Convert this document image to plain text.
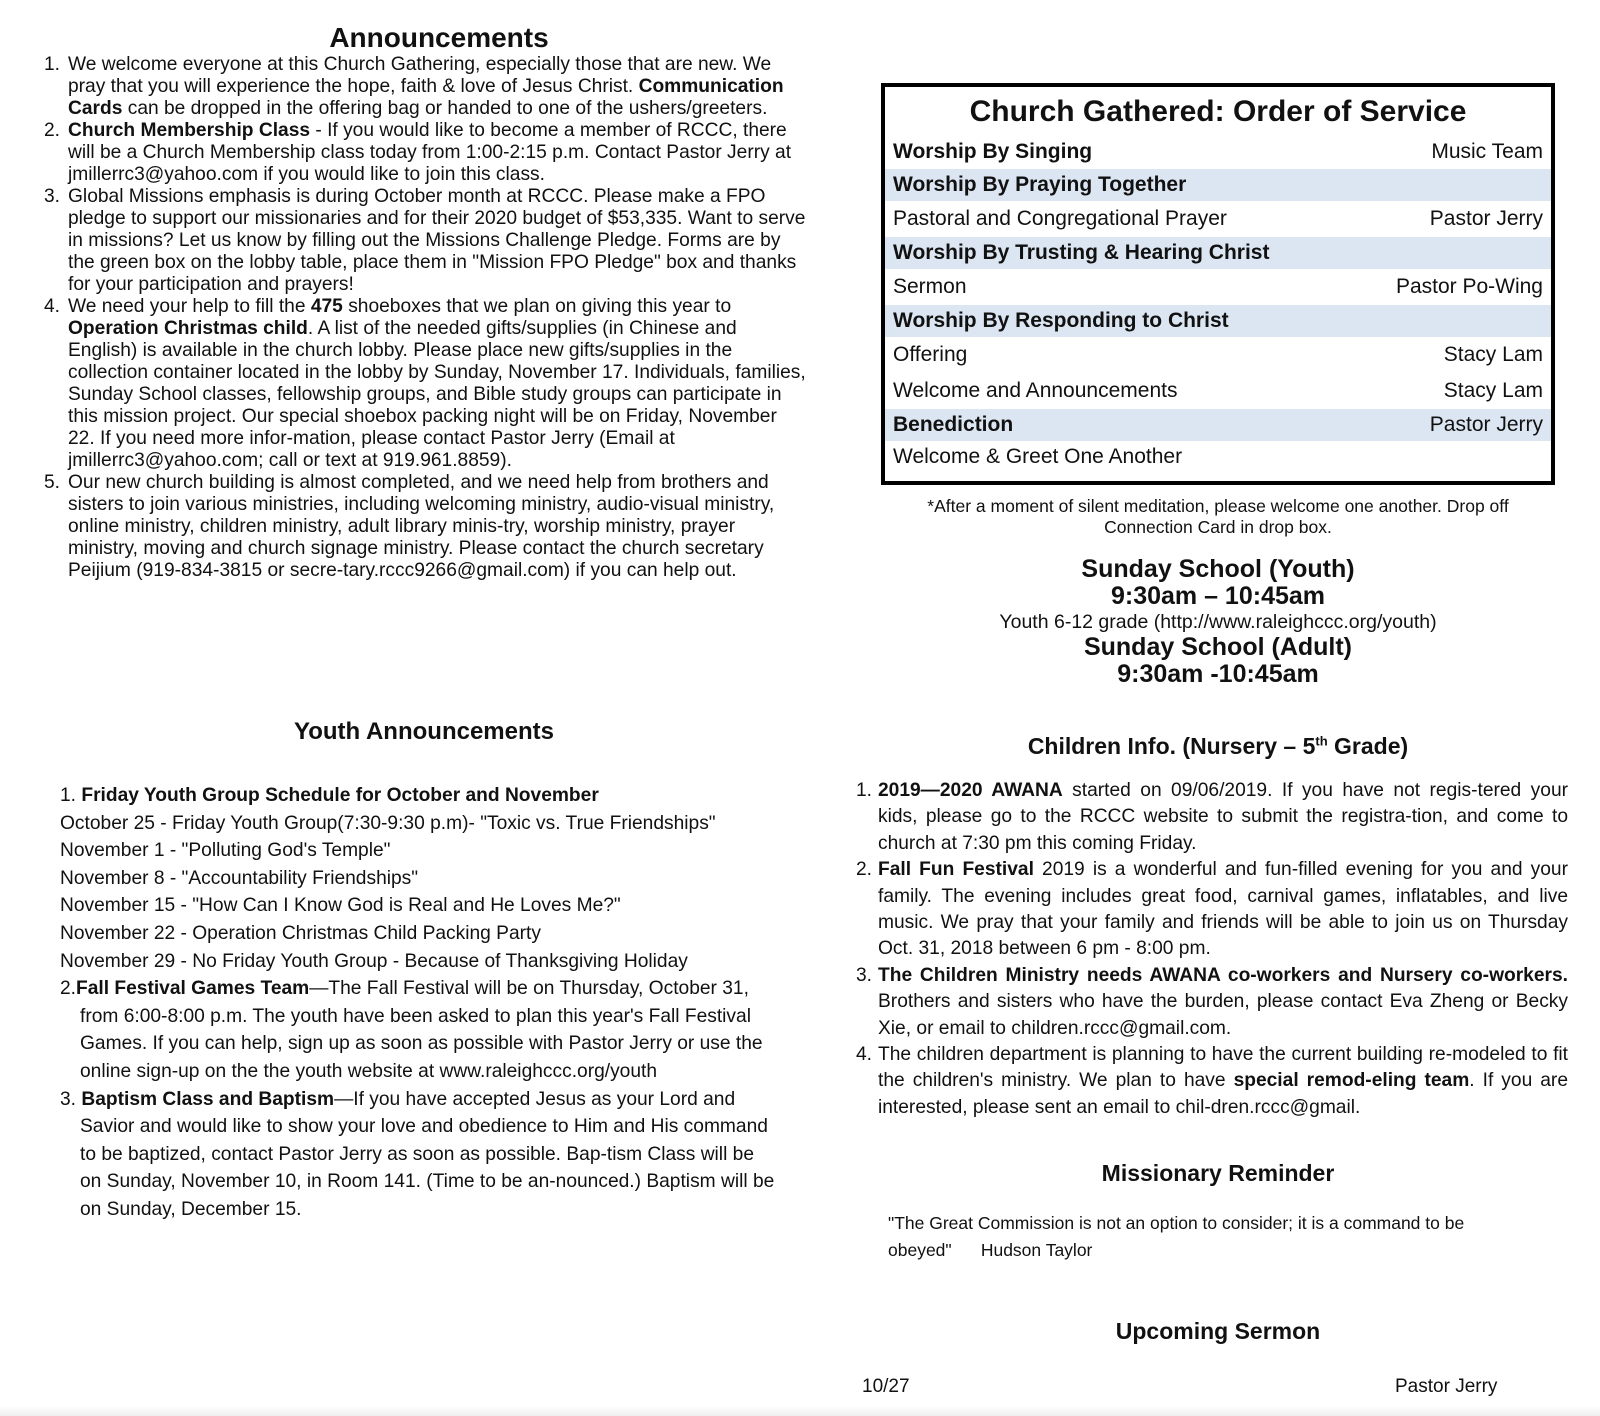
Announcements
1. We welcome everyone at this Church Gathering, especially those that are new. We pray that you will experience the hope, faith & love of Jesus Christ. Communication Cards can be dropped in the offering bag or handed to one of the ushers/greeters.
2. Church Membership Class - If you would like to become a member of RCCC, there will be a Church Membership class today from 1:00-2:15 p.m. Contact Pastor Jerry at jmillerrc3@yahoo.com if you would like to join this class.
3. Global Missions emphasis is during October month at RCCC. Please make a FPO pledge to support our missionaries and for their 2020 budget of $53,335. Want to serve in missions? Let us know by filling out the Missions Challenge Pledge. Forms are by the green box on the lobby table, place them in "Mission FPO Pledge" box and thanks for your participation and prayers!
4. We need your help to fill the 475 shoeboxes that we plan on giving this year to Operation Christmas child. A list of the needed gifts/supplies (in Chinese and English) is available in the church lobby. Please place new gifts/supplies in the collection container located in the lobby by Sunday, November 17. Individuals, families, Sunday School classes, fellowship groups, and Bible study groups can participate in this mission project. Our special shoebox packing night will be on Friday, November 22. If you need more infor-mation, please contact Pastor Jerry (Email at jmillerrc3@yahoo.com; call or text at 919.961.8859).
5. Our new church building is almost completed, and we need help from brothers and sisters to join various ministries, including welcoming ministry, audio-visual ministry, online ministry, children ministry, adult library minis-try, worship ministry, prayer ministry, moving and church signage ministry. Please contact the church secretary Peijium (919-834-3815 or secre-tary.rccc9266@gmail.com) if you can help out.
Youth Announcements

1. Friday Youth Group Schedule for October and November

October 25 - Friday Youth Group(7:30-9:30 p.m)- "Toxic vs. True Friendships"

November 1 - "Polluting God's Temple"

November 8 - "Accountability Friendships"

November 15 - "How Can I Know God is Real and He Loves Me?"

November 22 - Operation Christmas Child Packing Party

November 29 - No Friday Youth Group - Because of Thanksgiving Holiday

2.Fall Festival Games Team—The Fall Festival will be on Thursday, October 31, from 6:00-8:00 p.m. The youth have been asked to plan this year's Fall Festival Games. If you can help, sign up as soon as possible with Pastor Jerry or use the online sign-up on the the youth website at www.raleighccc.org/youth

3. Baptism Class and Baptism—If you have accepted Jesus as your Lord and Savior and would like to show your love and obedience to Him and His command to be baptized, contact Pastor Jerry as soon as possible. Bap-tism Class will be on Sunday, November 10, in Room 141. (Time to be an-nounced.) Baptism will be on Sunday, December 15.

Church Gathered: Order of Service
Worship By Singing	Music Team
Worship By Praying Together
Pastoral and Congregational Prayer	Pastor Jerry
Worship By Trusting & Hearing Christ
Sermon	Pastor Po-Wing
Worship By Responding to Christ
Offering	Stacy Lam
Welcome and Announcements	Stacy Lam
Benediction	Pastor Jerry
Welcome & Greet One Another
*After a moment of silent meditation, please welcome one another. Drop off Connection Card in drop box.
Sunday School (Youth)
9:30am – 10:45am
Youth 6-12 grade (http://www.raleighccc.org/youth)
Sunday School (Adult)
9:30am -10:45am
Children Info. (Nursery – 5th Grade)
1. 2019—2020 AWANA started on 09/06/2019. If you have not regis-tered your kids, please go to the RCCC website to submit the registra-tion, and come to church at 7:30 pm this coming Friday.
2. Fall Fun Festival 2019 is a wonderful and fun-filled evening for you and your family. The evening includes great food, carnival games, inflatables, and live music. We pray that your family and friends will be able to join us on Thursday Oct. 31, 2018 between 6 pm - 8:00 pm.
3. The Children Ministry needs AWANA co-workers and Nursery co-workers. Brothers and sisters who have the burden, please contact Eva Zheng or Becky Xie, or email to children.rccc@gmail.com.
4. The children department is planning to have the current building re-modeled to fit the children's ministry. We plan to have special remod-eling team. If you are interested, please sent an email to chil-dren.rccc@gmail.
Missionary Reminder
"The Great Commission is not an option to consider; it is a command to be obeyed" Hudson Taylor
Upcoming Sermon
10/27	Pastor Jerry
